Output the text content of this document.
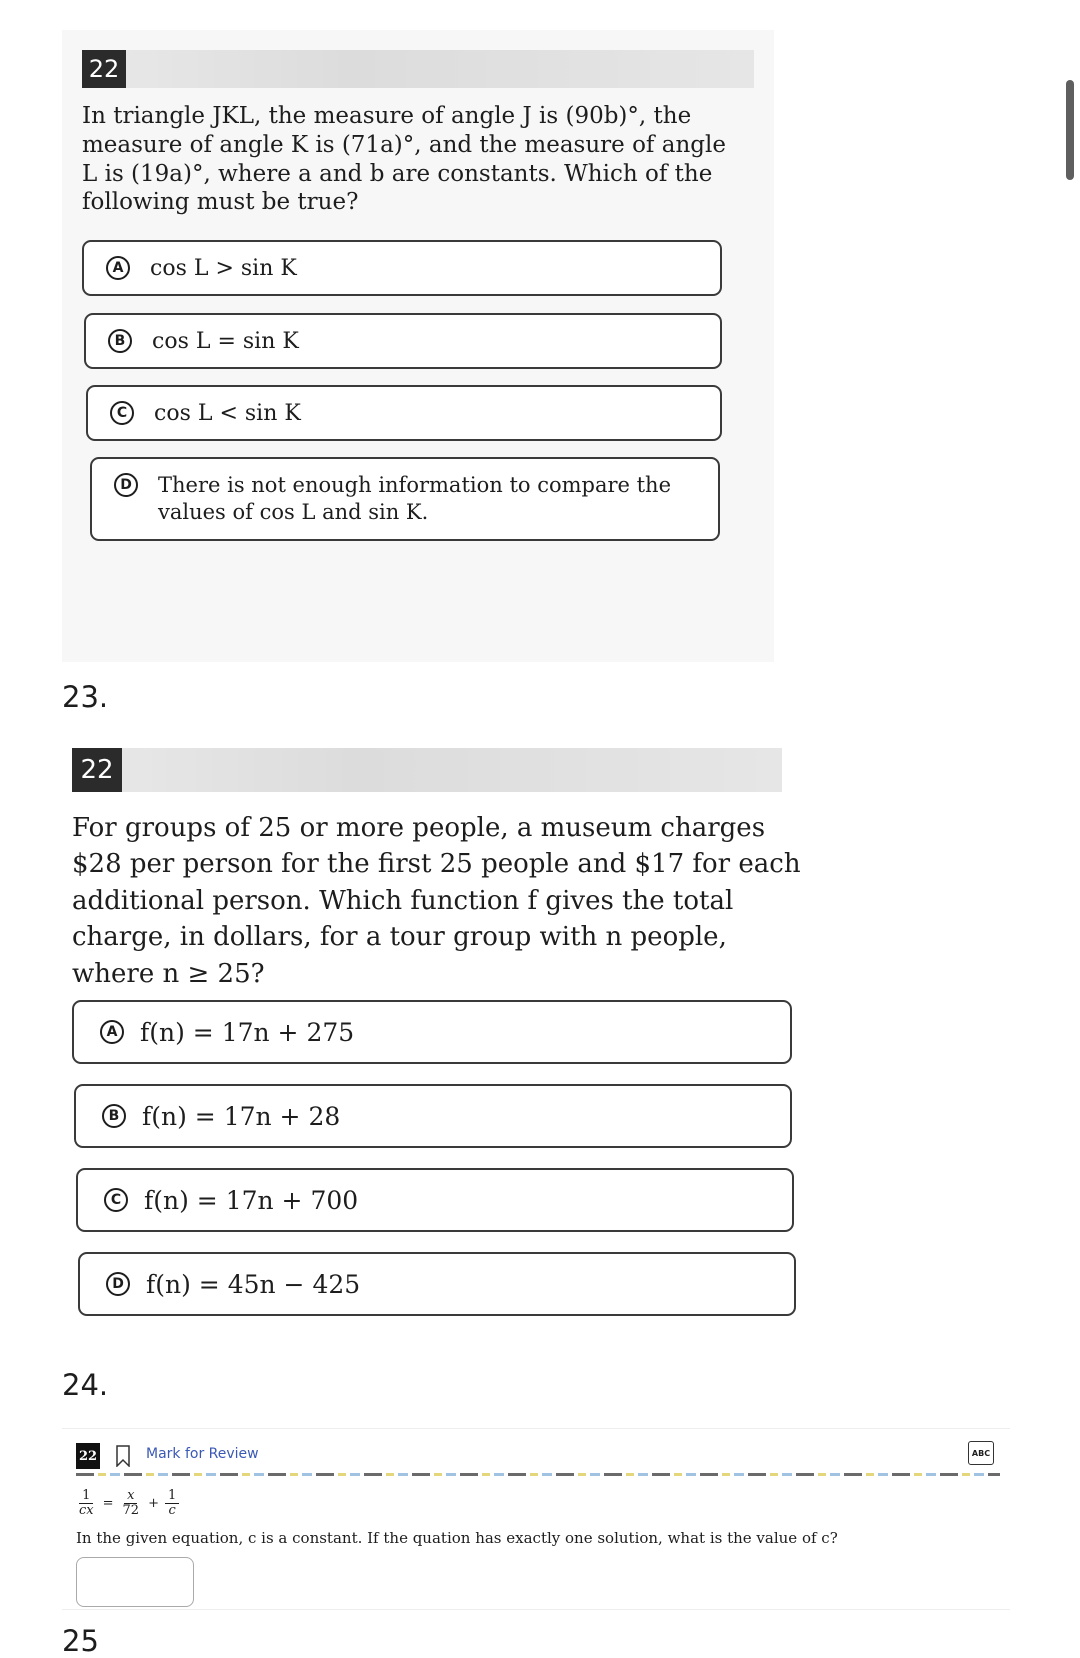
22
In triangle JKL, the measure of angle J is (90b)°, the
measure of angle K is (71a)°, and the measure of angle
L is (19a)°, where a and b are constants. Which of the
following must be true?
A cos L > sin K
B	cos L = sin K
C	cos L < sin K
D There is not enough information to compare the
values of cos L and sin K.
23.
22
For groups of 25 or more people, a museum charges
$28 per person for the first 25 people and $17 for each
additional person. Which function f gives the total
charge, in dollars, for a tour group with n people,
where n ≥ 25?
A f(n) = 17n + 275
B f(n) = 17n + 28
C f(n) = 17n + 700
D f(n) = 45n − 425
24.
22	Mark for Review	ABC
$\frac{1}{cx} = \frac{x}{72} + \frac{1}{c}$
In the given equation, c is a constant. If the quation has exactly one solution, what is the value of c?
25
